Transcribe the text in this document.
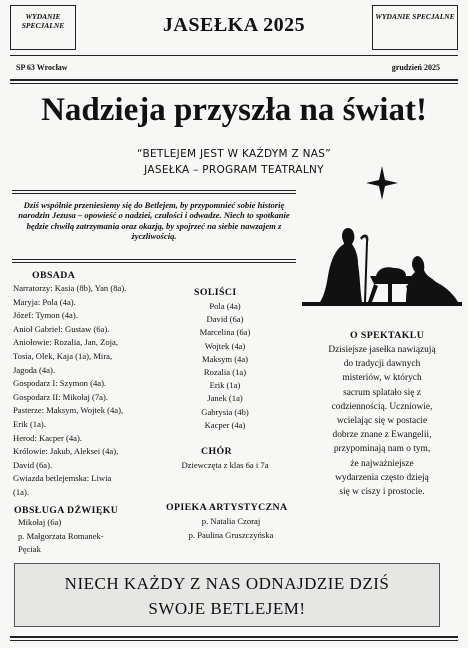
WYDANIE SPECJALNE	JASEŁKA 2025	WYDANIE SPECJALNE
SP 63 Wrocław	grudzień 2025
Nadzieja przyszła na świat!
“BETLEJEM JEST W KAŻDYM Z NAS”
JASEŁKA – PROGRAM TEATRALNY
Dziś wspólnie przeniesiemy się do Betlejem, by przypomnieć sobie historię narodzin Jezusa – opowieść o nadziei, czułości i odwadze. Niech to spotkanie będzie chwilą zatrzymania oraz okazją, by spojrzeć na siebie nawzajem z życzliwością.
OBSADA
Narratorzy: Kasia (8b), Yan (8a).
Maryja: Pola (4a).
Józef: Tymon (4a).
Anioł Gabriel: Gustaw (6a).
Aniołowie: Rozalia, Jan, Zoja,
Tosia, Olek, Kaja (1a), Mira,
Jagoda (4a).
Gospodarz I: Szymon (4a).
Gospodarz II: Mikołaj (7a).
Pasterze: Maksym, Wojtek (4a),
Erik (1a).
Herod: Kacper (4a).
Królowie: Jakub, Aleksei (4a),
David (6a).
Gwiazda betlejemska: Liwia
(1a).
SOLIŚCI
Pola (4a)
David (6a)
Marcelina (6a)
Wojtek (4a)
Maksym (4a)
Rozalia (1a)
Erik (1a)
Janek (1a)
Gabrysia (4b)
Kacper (4a)
CHÓR
Dziewczęta z klas 6a i 7a
OBSŁUGA DŹWIĘKU
Mikołaj (6a)
p. Małgorzata Romanek-
Pęciak
OPIEKA ARTYSTYCZNA
p. Natalia Czoraj
p. Paulina Gruszczyńska
O SPEKTAKLU
Dzisiejsze jasełka nawiązują
do tradycji dawnych
misteriów, w których
sacrum splatało się z
codziennością. Uczniowie,
wcielając się w postacie
dobrze znane z Ewangelii,
przypominają nam o tym,
że najważniejsze
wydarzenia często dzieją
się w ciszy i prostocie.
NIECH KAŻDY Z NAS ODNAJDZIE DZIŚ
SWOJE BETLEJEM!
